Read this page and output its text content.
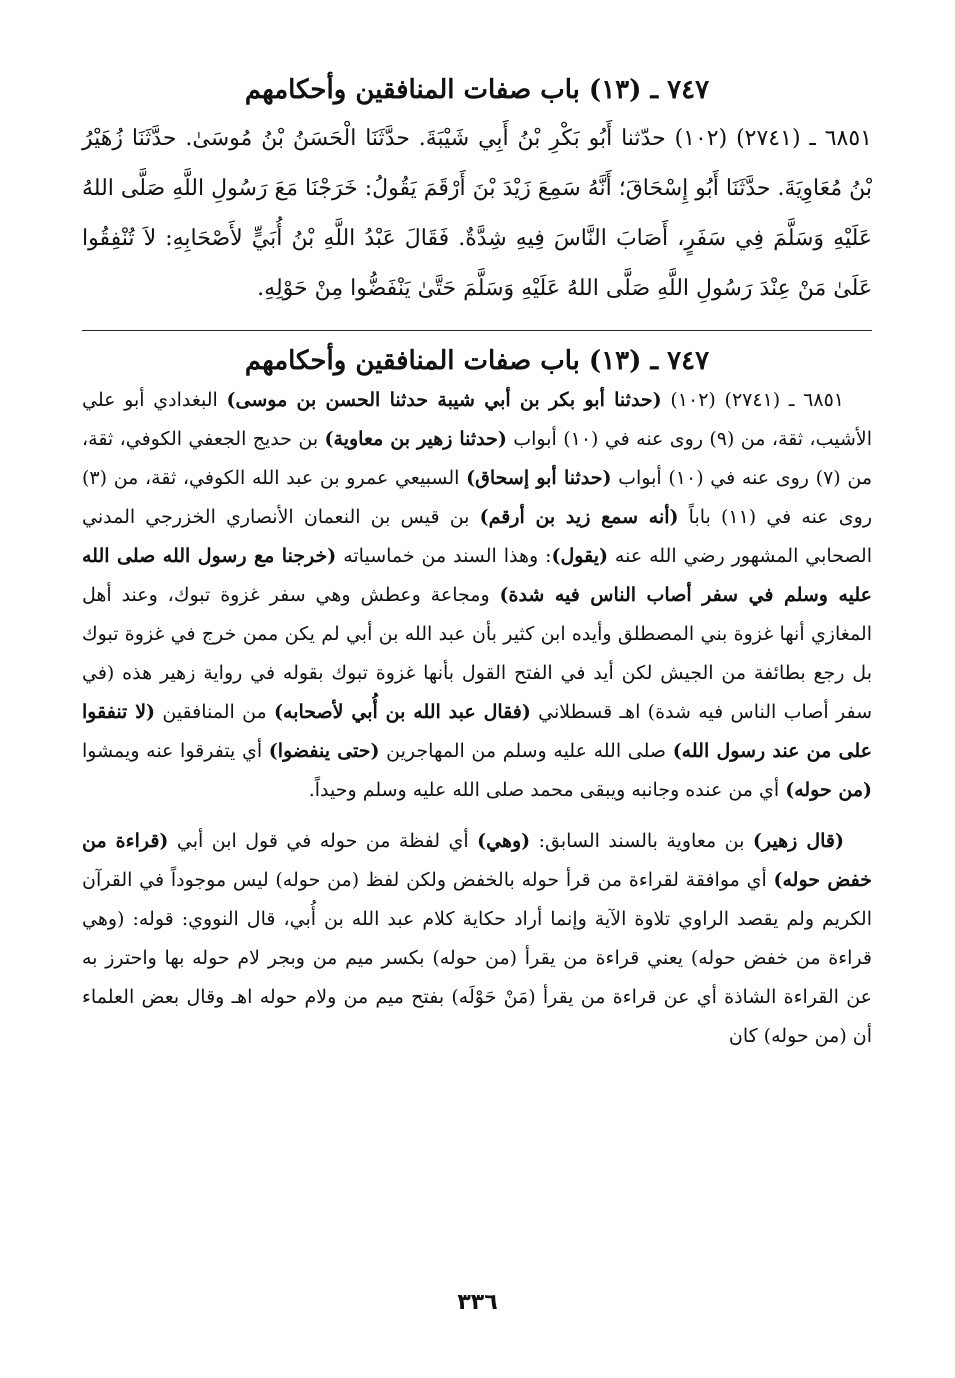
٧٤٧ ـ (١٣) باب صفات المنافقين وأحكامهم

٦٨٥١ ـ (٢٧٤١) (١٠٢) حدّثنا أَبُو بَكْرِ بْنُ أَبِي شَيْبَةَ. حدَّثَنَا الْحَسَنُ بْنُ مُوسَىٰ. حدَّثَنَا زُهَيْرُ بْنُ مُعَاوِيَةَ. حدَّثَنَا أَبُو إِسْحَاقَ؛ أَنَّهُ سَمِعَ زَيْدَ بْنَ أَرْقَمَ يَقُولُ: خَرَجْنَا مَعَ رَسُولِ اللَّهِ صَلَّى اللهُ عَلَيْهِ وَسَلَّمَ فِي سَفَرٍ، أَصَابَ النَّاسَ فِيهِ شِدَّةٌ. فَقَالَ عَبْدُ اللَّهِ بْنُ أُبَيٍّ لأَصْحَابِهِ: لاَ تُنْفِقُوا عَلَىٰ مَنْ عِنْدَ رَسُولِ اللَّهِ صَلَّى اللهُ عَلَيْهِ وَسَلَّمَ حَتَّىٰ يَنْفَضُّوا مِنْ حَوْلِهِ.

٧٤٧ ـ (١٣) باب صفات المنافقين وأحكامهم

٦٨٥١ ـ (٢٧٤١) (١٠٢) (حدثنا أبو بكر بن أبي شيبة حدثنا الحسن بن موسى) البغدادي أبو علي الأشيب، ثقة، من (٩) روى عنه في (١٠) أبواب (حدثنا زهير بن معاوية) بن حديج الجعفي الكوفي، ثقة، من (٧) روى عنه في (١٠) أبواب (حدثنا أبو إسحاق) السبيعي عمرو بن عبد الله الكوفي، ثقة، من (٣) روى عنه في (١١) باباً (أنه سمع زيد بن أرقم) بن قيس بن النعمان الأنصاري الخزرجي المدني الصحابي المشهور رضي الله عنه (يقول): وهذا السند من خماسياته (خرجنا مع رسول الله صلى الله عليه وسلم في سفر أصاب الناس فيه شدة) ومجاعة وعطش وهي سفر غزوة تبوك، وعند أهل المغازي أنها غزوة بني المصطلق وأيده ابن كثير بأن عبد الله بن أبي لم يكن ممن خرج في غزوة تبوك بل رجع بطائفة من الجيش لكن أيد في الفتح القول بأنها غزوة تبوك بقوله في رواية زهير هذه (في سفر أصاب الناس فيه شدة) اهـ قسطلاني (فقال عبد الله بن أُبي لأصحابه) من المنافقين (لا تنفقوا على من عند رسول الله) صلى الله عليه وسلم من المهاجرين (حتى ينفضوا) أي يتفرقوا عنه ويمشوا (من حوله) أي من عنده وجانبه ويبقى محمد صلى الله عليه وسلم وحيداً.

(قال زهير) بن معاوية بالسند السابق: (وهي) أي لفظة من حوله في قول ابن أبي (قراءة من خفض حوله) أي موافقة لقراءة من قرأ حوله بالخفض ولكن لفظ (من حوله) ليس موجوداً في القرآن الكريم ولم يقصد الراوي تلاوة الآية وإنما أراد حكاية كلام عبد الله بن أُبي، قال النووي: قوله: (وهي قراءة من خفض حوله) يعني قراءة من يقرأ (من حوله) بكسر ميم من وبجر لام حوله بها واحترز به عن القراءة الشاذة أي عن قراءة من يقرأ (مَنْ حَوْلَه) بفتح ميم من ولام حوله اهـ وقال بعض العلماء أن (من حوله) كان

٣٣٦
